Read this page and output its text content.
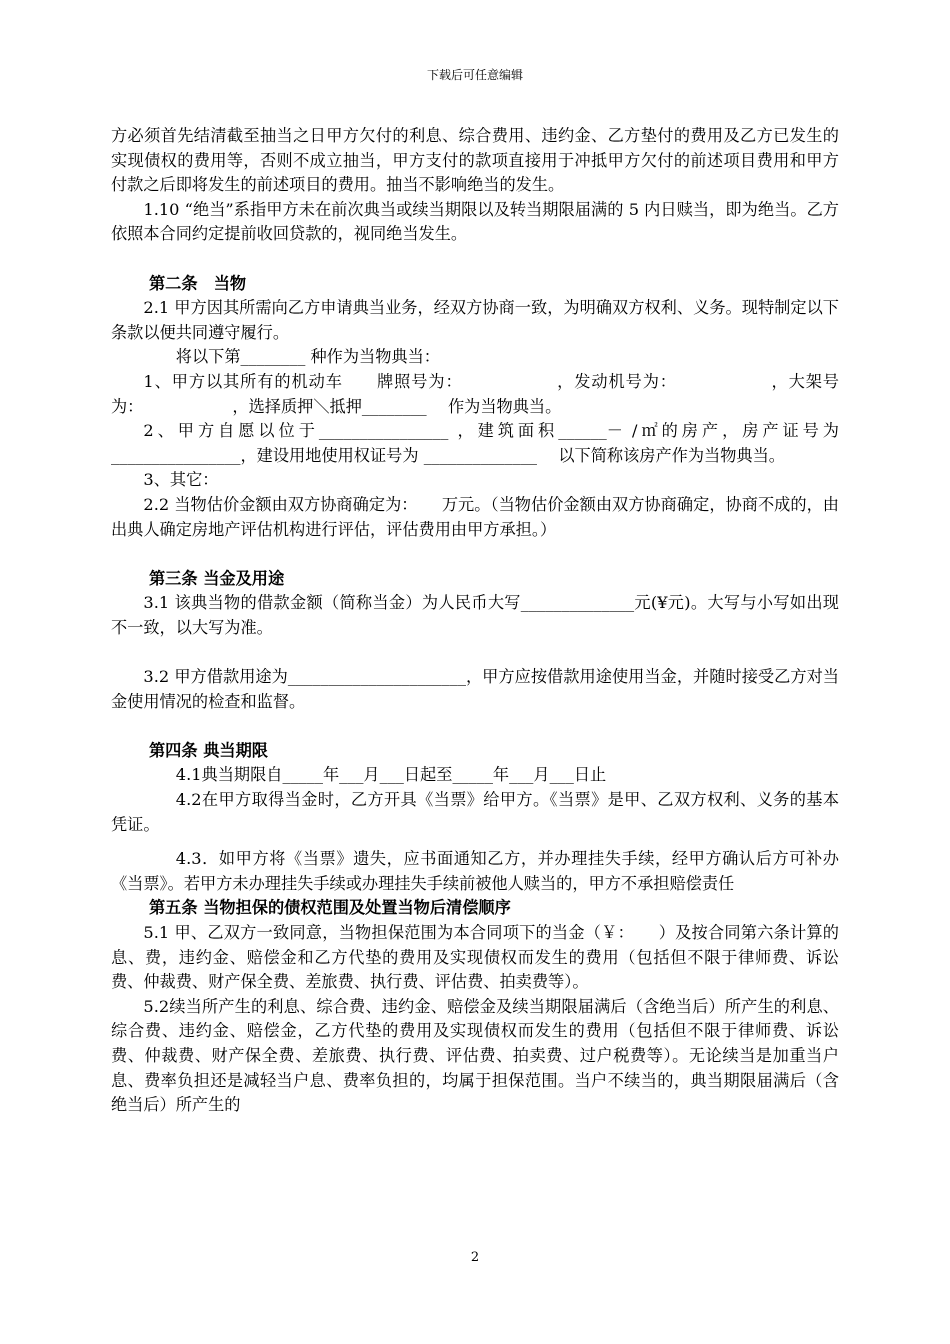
下载后可任意编辑

方必须首先结清截至抽当之日甲方欠付的利息、综合费用、违约金、乙方垫付的费用及乙方已发生的实现债权的费用等，否则不成立抽当，甲方支付的款项直接用于冲抵甲方欠付的前述项目费用和甲方付款之后即将发生的前述项目的费用。抽当不影响绝当的发生。

1.10 “绝当”系指甲方未在前次典当或续当期限以及转当期限届满的 5 内日赎当，即为绝当。乙方依照本合同约定提前收回贷款的，视同绝当发生。

第二条　当物

2.1 甲方因其所需向乙方申请典当业务，经双方协商一致，为明确双方权利、义务。现特制定以下条款以便共同遵守履行。

将以下第________ 种作为当物典当：

1、甲方以其所有的机动车　　牌照号为：　　　　　　，发动机号为：　　　　　　，大架号为：　　　　　　，选择质押＼抵押________　 作为当物典当。

2、甲方自愿以位于________________ ，建筑面积______－ /㎡的房产，房产证号为________________，建设用地使用权证号为 ______________ 　以下简称该房产作为当物典当。

3、其它：

2.2 当物估价金额由双方协商确定为：　　万元。（当物估价金额由双方协商确定，协商不成的，由出典人确定房地产评估机构进行评估，评估费用由甲方承担。）

第三条 当金及用途

3.1 该典当物的借款金额（简称当金）为人民币大写______________元(¥元)。大写与小写如出现不一致，以大写为准。

3.2 甲方借款用途为______________________，甲方应按借款用途使用当金，并随时接受乙方对当金使用情况的检查和监督。

第四条 典当期限

4.1典当期限自_____年___月___日起至_____年___月___日止

4.2在甲方取得当金时，乙方开具《当票》给甲方。《当票》是甲、乙双方权利、义务的基本凭证。

4.3．如甲方将《当票》遗失，应书面通知乙方，并办理挂失手续，经甲方确认后方可补办《当票》。若甲方未办理挂失手续或办理挂失手续前被他人赎当的，甲方不承担赔偿责任

第五条 当物担保的债权范围及处置当物后清偿顺序

5.1 甲、乙双方一致同意，当物担保范围为本合同项下的当金（￥：　　）及按合同第六条计算的息、费，违约金、赔偿金和乙方代垫的费用及实现债权而发生的费用（包括但不限于律师费、诉讼费、仲裁费、财产保全费、差旅费、执行费、评估费、拍卖费等）。

5.2续当所产生的利息、综合费、违约金、赔偿金及续当期限届满后（含绝当后）所产生的利息、综合费、违约金、赔偿金，乙方代垫的费用及实现债权而发生的费用（包括但不限于律师费、诉讼费、仲裁费、财产保全费、差旅费、执行费、评估费、拍卖费、过户税费等）。无论续当是加重当户息、费率负担还是减轻当户息、费率负担的，均属于担保范围。当户不续当的，典当期限届满后（含绝当后）所产生的

2
